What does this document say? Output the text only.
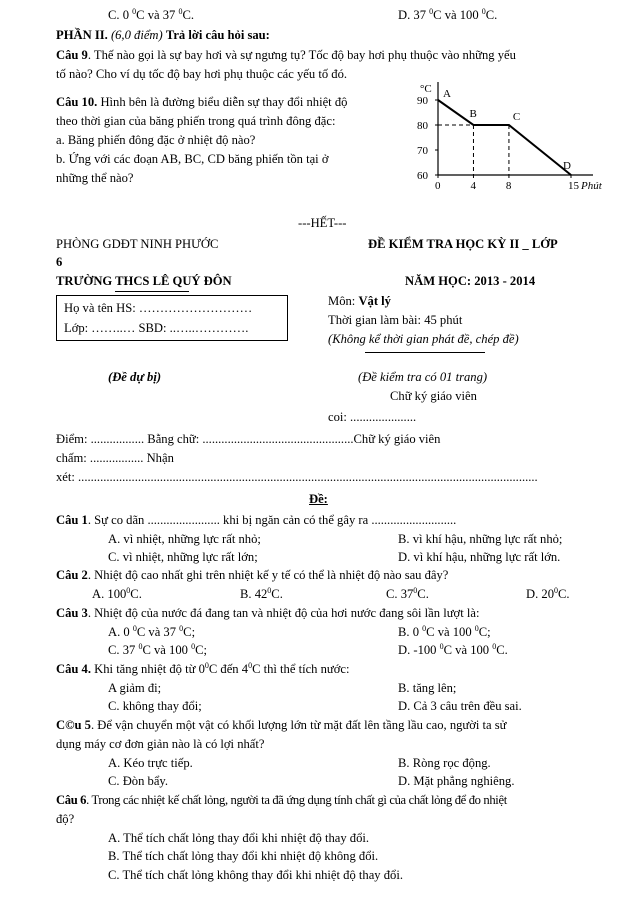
C. 0 $^0$C và 37 $^0$C.	D. 37 $^0$C và 100 $^0$C.
PHẦN II. (6,0 điểm) Trả lời câu hỏi sau:
Câu 9. Thế nào gọi là sự bay hơi và sự ngưng tụ? Tốc độ bay hơi phụ thuộc vào những yếu
tố nào? Cho ví dụ tốc độ bay hơi phụ thuộc các yếu tố đó.
Câu 10. Hình bên là đường biểu diễn sự thay đổi nhiệt độ
theo thời gian của băng phiến trong quá trình đông đặc:
a. Băng phiến đông đặc ở nhiệt độ nào?
b. Ứng với các đoạn AB, BC, CD băng phiến tồn tại ở
những thể nào?
°C
Phút
60
70
80
90
0	4	8	15
A
B	C
D
---HẾT---
PHÒNG GDĐT NINH PHƯỚC	ĐỀ KIỂM TRA HỌC KỲ II _ LỚP
6
TRƯỜNG THCS LÊ QUÝ ĐÔN	NĂM HỌC: 2013 - 2014
Họ và tên HS: ………………………
Lớp: ……..… SBD: ..…..………….
Môn: Vật lý
Thời gian làm bài: 45 phút
(Không kể thời gian phát đề, chép đề)
(Đề dự bị)	(Đề kiểm tra có 01 trang)
Chữ ký giáo viên
coi: .....................
Điểm: ................. Bằng chữ: ................................................Chữ ký giáo viên
chấm: ................. Nhận
xét: ..................................................................................................................................................
Đề:
Câu 1. Sự co dãn ....................... khi bị ngăn cản có thể gây ra ...........................
A. vì nhiệt, những lực rất nhỏ;	B. vì khí hậu, những lực rất nhỏ;
C. vì nhiệt, những lực rất lớn;	D. vì khí hậu, những lực rất lớn.
Câu 2. Nhiệt độ cao nhất ghi trên nhiệt kế y tế có thể là nhiệt độ nào sau đây?
A. $100^0C$.	B. $42^0C$.	C. $37^0C$.	D. $20^0C$.
Câu 3. Nhiệt độ của nước đá đang tan và nhiệt độ của hơi nước đang sôi lần lượt là:
A. 0 $^0$C và 37 $^0$C;	B. 0 $^0$C và 100 $^0$C;
C. 37 $^0$C và 100 $^0$C;	D. -100 $^0$C và 100 $^0$C.
Câu 4. Khi tăng nhiệt độ từ $0^0C$ đến $4^0C$ thì thể tích nước:
A giảm đi;	B. tăng lên;
C. không thay đổi;	D. Cả 3 câu trên đều sai.
C©u 5. Để vận chuyển một vật có khối lượng lớn từ mặt đất lên tầng lầu cao, người ta sử
dụng máy cơ đơn giản nào là có lợi nhất?
A. Kéo trực tiếp.	B. Ròng rọc động.
C. Đòn bẩy.	D. Mặt phẳng nghiêng.
Câu 6. Trong các nhiệt kế chất lỏng, người ta đã ứng dụng tính chất gì của chất lỏng để đo nhiệt
độ?
A. Thể tích chất lỏng thay đổi khi nhiệt độ thay đổi.
B. Thể tích chất lỏng thay đổi khi nhiệt độ không đổi.
C. Thể tích chất lỏng không thay đổi khi nhiệt độ thay đổi.
